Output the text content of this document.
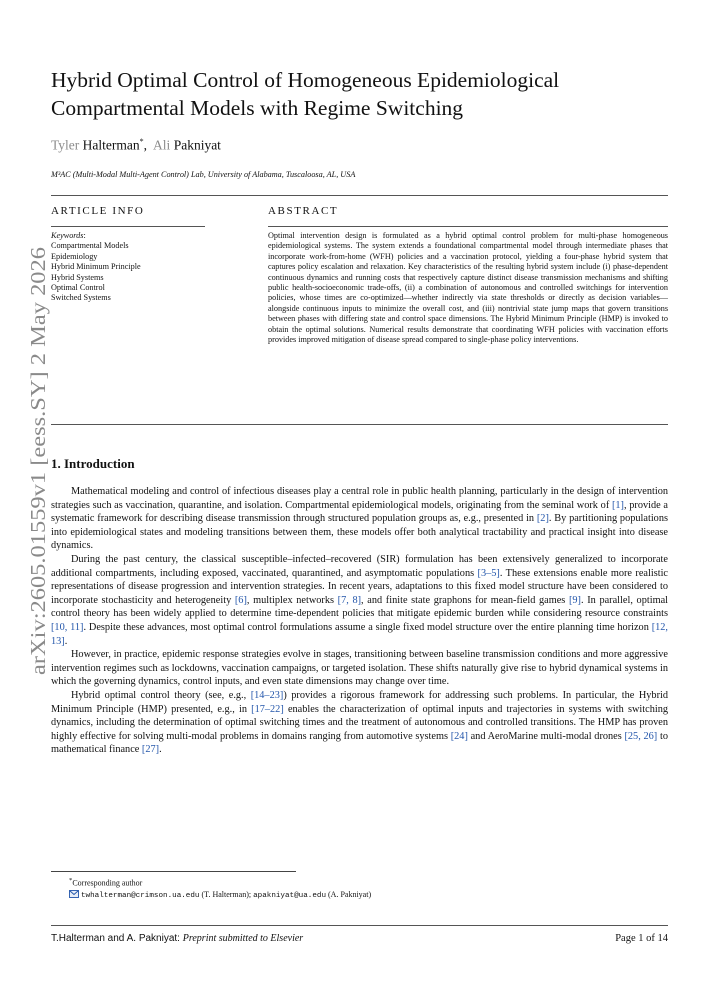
arXiv:2605.01559v1 [eess.SY] 2 May 2026
Hybrid Optimal Control of Homogeneous Epidemiological Compartmental Models with Regime Switching
Tyler Halterman*, Ali Pakniyat
M³AC (Multi-Modal Multi-Agent Control) Lab, University of Alabama, Tuscaloosa, AL, USA
ARTICLE INFO	ABSTRACT
Keywords:
Compartmental Models
Epidemiology
Hybrid Minimum Principle
Hybrid Systems
Optimal Control
Switched Systems

Optimal intervention design is formulated as a hybrid optimal control problem for multi-phase homogeneous epidemiological systems. The system extends a foundational compartmental model through intermediate phases that incorporate work-from-home (WFH) policies and a vaccination protocol, yielding a four-phase hybrid system that captures policy escalation and relaxation. Key characteristics of the resulting hybrid system include (i) phase-dependent continuous dynamics and running costs that respectively capture distinct disease transmission mechanisms and shifting public health-socioeconomic trade-offs, (ii) a combination of autonomous and controlled switchings for intervention policies, whose times are co-optimized—whether indirectly via state thresholds or directly as decision variables—alongside continuous inputs to minimize the overall cost, and (iii) nontrivial state jump maps that govern transitions between phases with differing state and control space dimensions. The Hybrid Minimum Principle (HMP) is invoked to obtain the optimal solutions. Numerical results demonstrate that coordinating WFH policies with vaccination efforts provides improved mitigation of disease spread compared to single-phase policy interventions.

1. Introduction

Mathematical modeling and control of infectious diseases play a central role in public health planning, particularly in the design of intervention strategies such as vaccination, quarantine, and isolation. Compartmental epidemiological models, originating from the seminal work of [1], provide a systematic framework for describing disease transmission through structured population groups as, e.g., presented in [2]. By partitioning populations into epidemiological states and modeling transitions between them, these models offer both analytical tractability and practical insight into disease dynamics.

During the past century, the classical susceptible–infected–recovered (SIR) formulation has been extensively generalized to incorporate additional compartments, including exposed, vaccinated, quarantined, and asymptomatic populations [3–5]. These extensions enable more realistic representations of disease progression and intervention strategies. In recent years, adaptations to this fixed model structure have been considered to incorporate stochasticity and heterogeneity [6], multiplex networks [7, 8], and finite state graphons for mean-field games [9]. In parallel, optimal control theory has been widely applied to determine time-dependent policies that mitigate epidemic burden while considering resource constraints [10, 11]. Despite these advances, most optimal control formulations assume a single fixed model structure over the entire planning time horizon [12, 13].

However, in practice, epidemic response strategies evolve in stages, transitioning between baseline transmission conditions and more aggressive intervention regimes such as lockdowns, vaccination campaigns, or targeted isolation. These shifts naturally give rise to hybrid dynamical systems in which the governing dynamics, control inputs, and even state dimensions may change over time.

Hybrid optimal control theory (see, e.g., [14–23]) provides a rigorous framework for addressing such problems. In particular, the Hybrid Minimum Principle (HMP) presented, e.g., in [17–22] enables the characterization of optimal inputs and trajectories in systems with switching dynamics, including the determination of optimal switching times and the treatment of autonomous and controlled transitions. The HMP has proven highly effective for solving multi-modal problems in domains ranging from automotive systems [24] and AeroMarine multi-modal drones [25, 26] to mathematical finance [27].

*Corresponding author
twhalterman@crimson.ua.edu (T. Halterman); apakniyat@ua.edu (A. Pakniyat)
T.Halterman and A. Pakniyat: Preprint submitted to Elsevier	Page 1 of 14
